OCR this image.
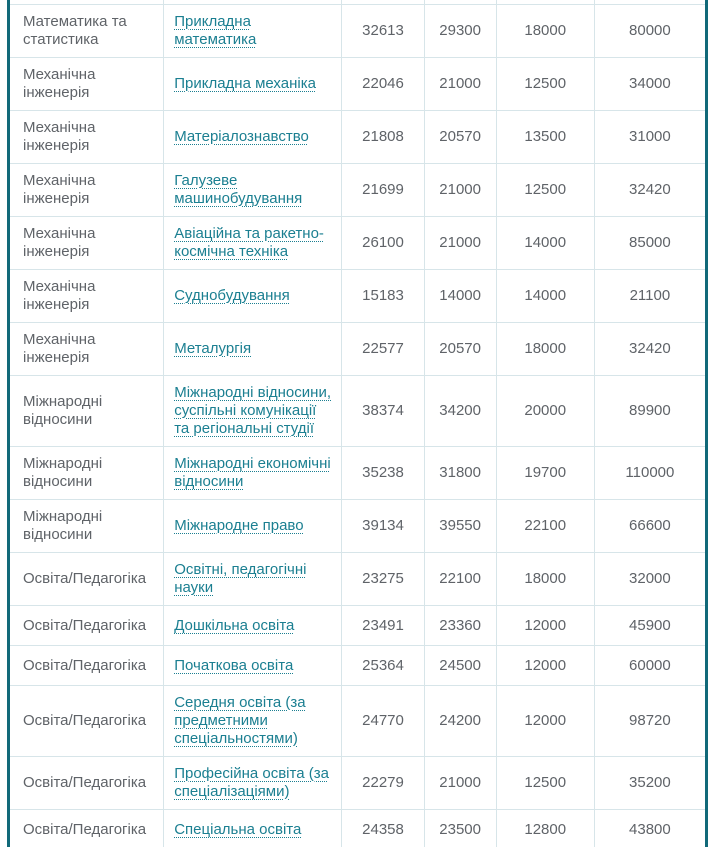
Математика та статистика	Прикладна математика	32613	29300	18000	80000
Механічна інженерія	Прикладна механіка	22046	21000	12500	34000
Механічна інженерія	Матеріалознавство	21808	20570	13500	31000
Механічна інженерія	Галузеве машинобудування	21699	21000	12500	32420
Механічна інженерія	Авіаційна та ракетно-космічна техніка	26100	21000	14000	85000
Механічна інженерія	Суднобудування	15183	14000	14000	21100
Механічна інженерія	Металургія	22577	20570	18000	32420
Міжнародні відносини	Міжнародні відносини, суспільні комунікації та регіональні студії	38374	34200	20000	89900
Міжнародні відносини	Міжнародні економічні відносини	35238	31800	19700	110000
Міжнародні відносини	Міжнародне право	39134	39550	22100	66600
Освіта/Педагогіка	Освітні, педагогічні науки	23275	22100	18000	32000
Освіта/Педагогіка	Дошкільна освіта	23491	23360	12000	45900
Освіта/Педагогіка	Початкова освіта	25364	24500	12000	60000
Освіта/Педагогіка	Середня освіта (за предметними спеціальностями)	24770	24200	12000	98720
Освіта/Педагогіка	Професійна освіта (за спеціалізаціями)	22279	21000	12500	35200
Освіта/Педагогіка	Спеціальна освіта	24358	23500	12800	43800
